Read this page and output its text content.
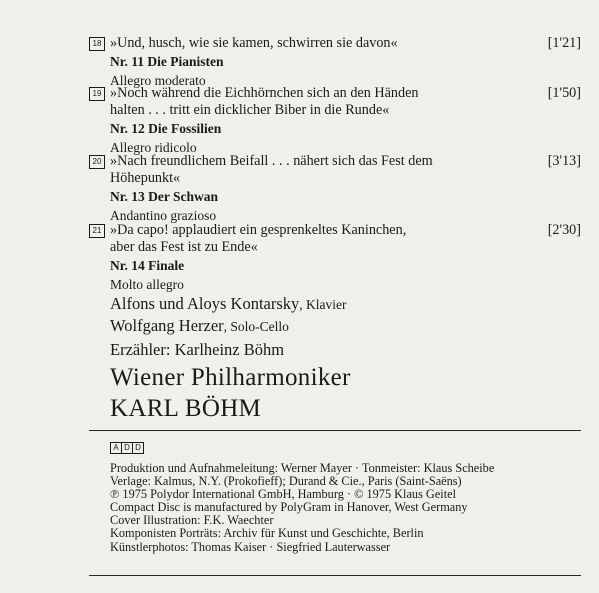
18 »Und, husch, wie sie kamen, schwirren sie davon«	[1'21]
Nr. 11 Die Pianisten
Allegro moderato
19 »Noch während die Eichhörnchen sich an den Händen
halten . . . tritt ein dicklicher Biber in die Runde«
[1'50]
Nr. 12 Die Fossilien
Allegro ridicolo
20 »Nach freundlichem Beifall . . . nähert sich das Fest dem
Höhepunkt«
[3'13]
Nr. 13 Der Schwan
Andantino grazioso
21 »Da capo! applaudiert ein gesprenkeltes Kaninchen,
aber das Fest ist zu Ende«
[2'30]
Nr. 14 Finale
Molto allegro
Alfons und Aloys Kontarsky, Klavier
Wolfgang Herzer, Solo-Cello
Erzähler: Karlheinz Böhm
Wiener Philharmoniker
KARL BÖHM
A D D
Produktion und Aufnahmeleitung: Werner Mayer · Tonmeister: Klaus Scheibe
Verlage: Kalmus, N.Y. (Prokofieff); Durand & Cie., Paris (Saint-Saëns)
℗ 1975 Polydor International GmbH, Hamburg · © 1975 Klaus Geitel
Compact Disc is manufactured by PolyGram in Hanover, West Germany
Cover Illustration: F.K. Waechter
Komponisten Porträts: Archiv für Kunst und Geschichte, Berlin
Künstlerphotos: Thomas Kaiser · Siegfried Lauterwasser
